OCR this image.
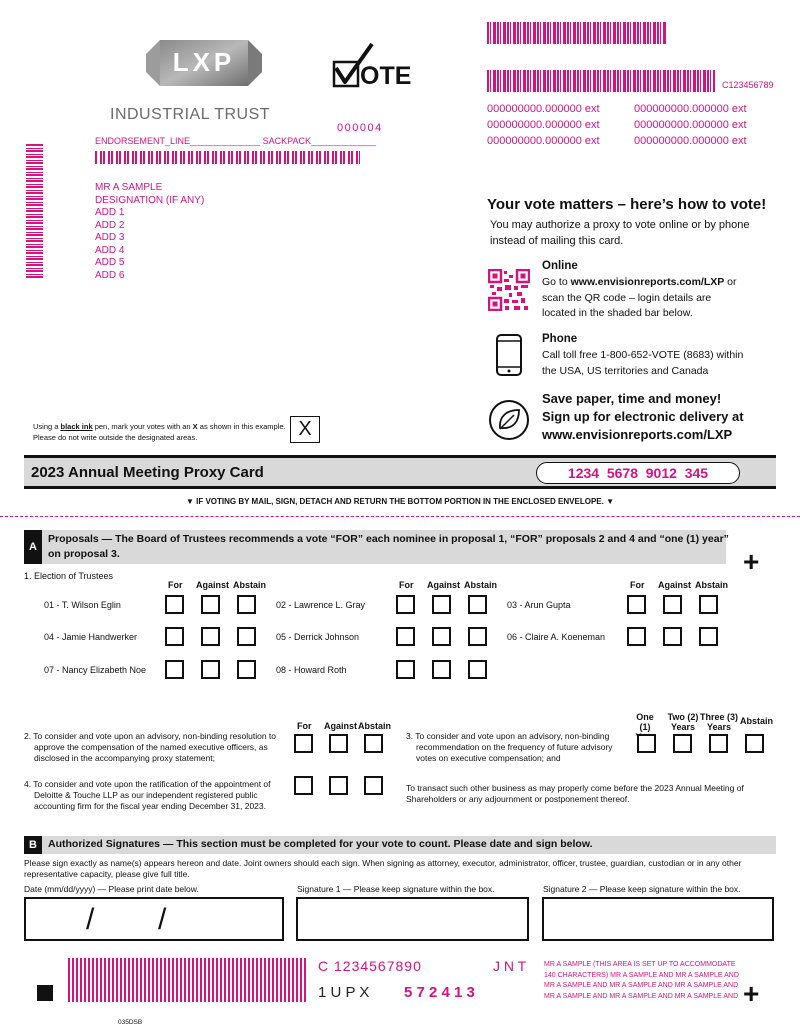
LXP
INDUSTRIAL TRUST
OTE	C123456789
000000000.000000 ext	000000000.000000 ext
000000000.000000 ext	000000000.000000 ext
000000000.000000 ext	000000000.000000 ext
000004
ENDORSEMENT_LINE______________ SACKPACK_____________
MR A SAMPLE
DESIGNATION (IF ANY)
ADD 1
ADD 2
ADD 3
ADD 4
ADD 5
ADD 6
Your vote matters – here’s how to vote!
You may authorize a proxy to vote online or by phone instead of mailing this card.
Online
Go to www.envisionreports.com/LXP or scan the QR code – login details are located in the shaded bar below.
Phone
Call toll free 1-800-652-VOTE (8683) within the USA, US territories and Canada
Save paper, time and money!
Sign up for electronic delivery at
www.envisionreports.com/LXP
Using a black ink pen, mark your votes with an X as shown in this example.
Please do not write outside the designated areas.	X
2023 Annual Meeting Proxy Card	1234  5678  9012  345
▼ IF VOTING BY MAIL, SIGN, DETACH AND RETURN THE BOTTOM PORTION IN THE ENCLOSED ENVELOPE. ▼
A
Proposals — The Board of Trustees recommends a vote “FOR” each nominee in proposal 1, “FOR” proposals 2 and 4 and “one (1) year”
on proposal 3.	+
1. Election of Trustees
For Against Abstain	For Against Abstain	For Against Abstain
01 - T. Wilson Eglin	02 - Lawrence L. Gray	03 - Arun Gupta
04 - Jamie Handwerker	05 - Derrick Johnson	06 - Claire A. Koeneman
07 - Nancy Elizabeth Noe	08 - Howard Roth
For Against Abstain
2. To consider and vote upon an advisory, non-binding resolution to
approve the compensation of the named executive officers, as
disclosed in the accompanying proxy statement;
One (1)

Two (2)
Years
Three (3)
Years
Abstain
3. To consider and vote upon an advisory, non-binding
recommendation on the frequency of future advisory
votes on executive compensation; and
4. To consider and vote upon the ratification of the appointment of
Deloitte & Touche LLP as our independent registered public
accounting firm for the fiscal year ending December 31, 2023.
To transact such other business as may properly come before the 2023 Annual Meeting of
Shareholders or any adjournment or postponement thereof.
B	Authorized Signatures — This section must be completed for your vote to count. Please date and sign below.
Please sign exactly as name(s) appears hereon and date. Joint owners should each sign. When signing as attorney, executor, administrator, officer, trustee, guardian, custodian or in any other
representative capacity, please give full title.
Date (mm/dd/yyyy) — Please print date below.	Signature 1 — Please keep signature within the box.	Signature 2 — Please keep signature within the box.
/ /
C 1234567890	J N T
1 U P X 5 7 2 4 1 3
MR A SAMPLE (THIS AREA IS SET UP TO ACCOMMODATE
140 CHARACTERS) MR A SAMPLE AND MR A SAMPLE AND
MR A SAMPLE AND MR A SAMPLE AND MR A SAMPLE AND
MR A SAMPLE AND MR A SAMPLE AND MR A SAMPLE AND +
035DSB
